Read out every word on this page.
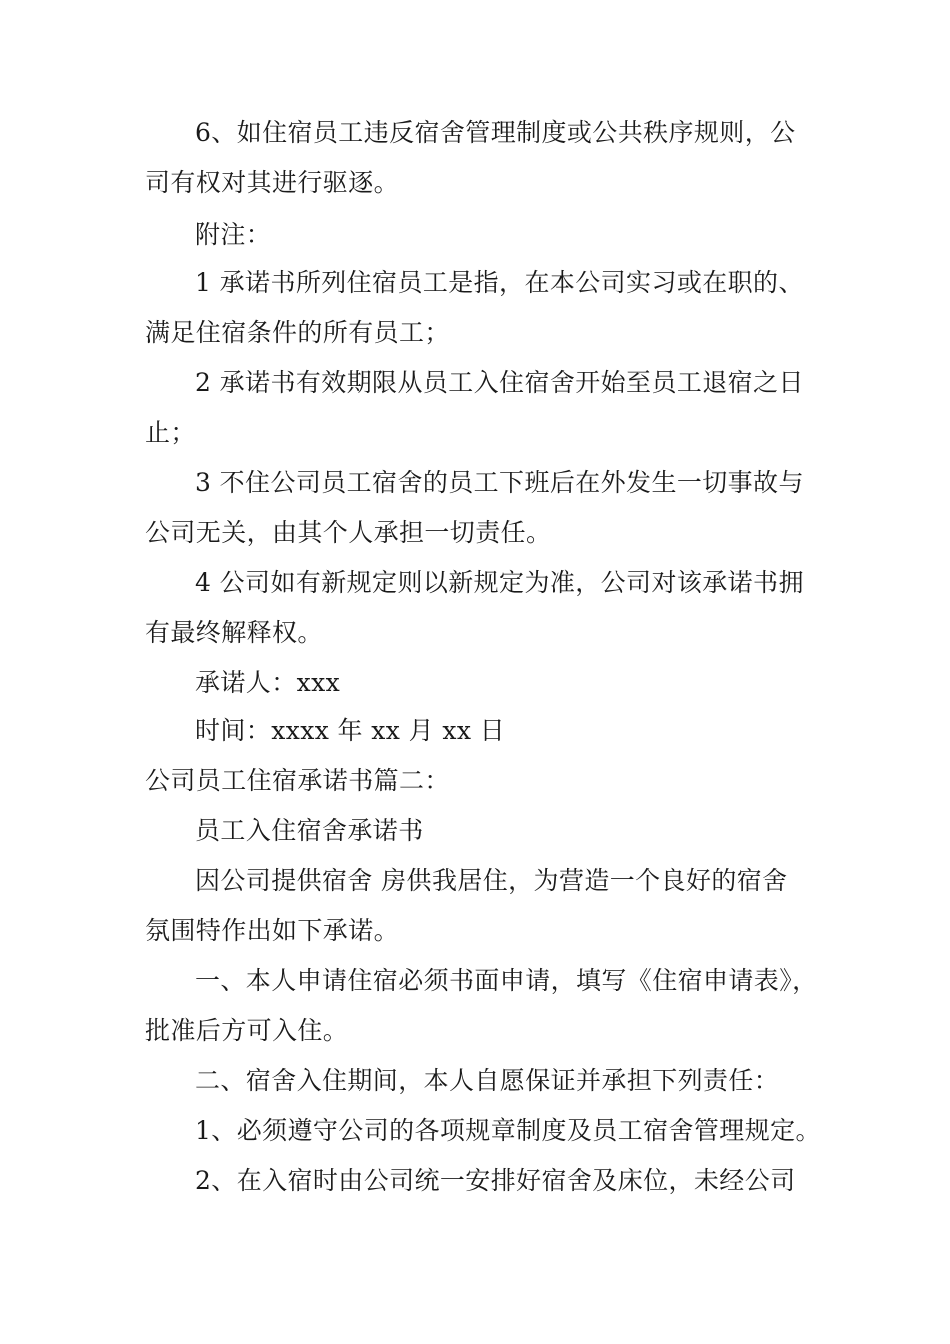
6、如住宿员工违反宿舍管理制度或公共秩序规则，公
司有权对其进行驱逐。
附注：
1 承诺书所列住宿员工是指，在本公司实习或在职的、
满足住宿条件的所有员工；
2 承诺书有效期限从员工入住宿舍开始至员工退宿之日
止；
3 不住公司员工宿舍的员工下班后在外发生一切事故与
公司无关，由其个人承担一切责任。
4 公司如有新规定则以新规定为准，公司对该承诺书拥
有最终解释权。
承诺人：xxx
时间：xxxx 年 xx 月 xx 日
公司员工住宿承诺书篇二：
员工入住宿舍承诺书
因公司提供宿舍 房供我居住，为营造一个良好的宿舍
氛围特作出如下承诺。
一、本人申请住宿必须书面申请，填写《住宿申请表》，
批准后方可入住。
二、宿舍入住期间，本人自愿保证并承担下列责任：
1、必须遵守公司的各项规章制度及员工宿舍管理规定。
2、在入宿时由公司统一安排好宿舍及床位，未经公司
